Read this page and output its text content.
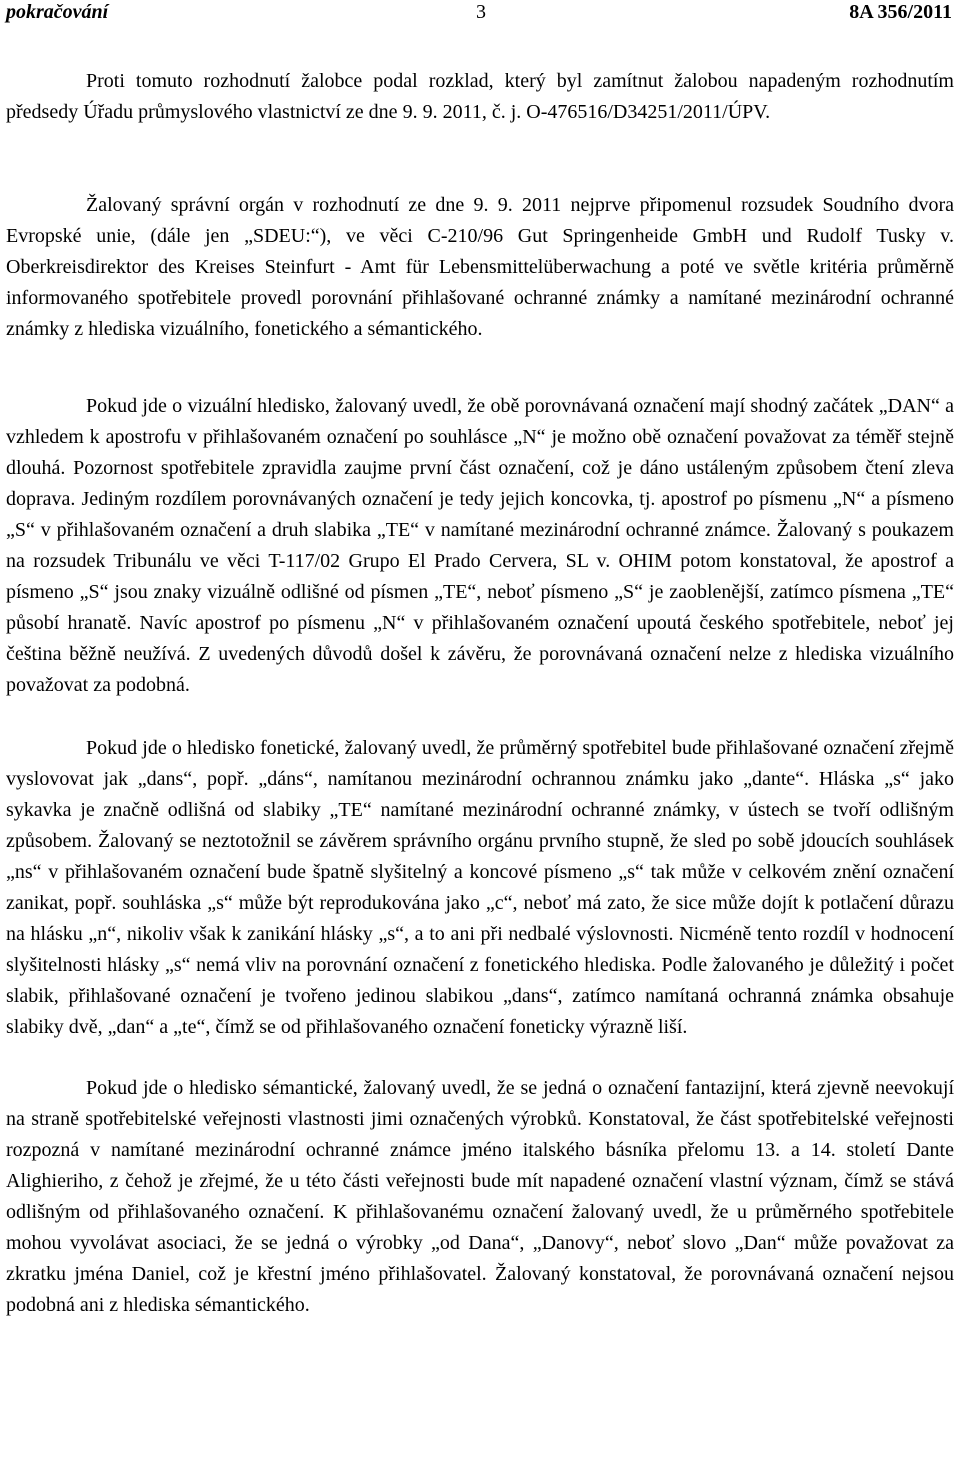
pokračování	3	8A 356/2011

Proti tomuto rozhodnutí žalobce podal rozklad, který byl zamítnut žalobou napadeným rozhodnutím předsedy Úřadu průmyslového vlastnictví ze dne 9. 9. 2011, č. j. O-476516/D34251/2011/ÚPV.

Žalovaný správní orgán v rozhodnutí ze dne 9. 9. 2011 nejprve připomenul rozsudek Soudního dvora Evropské unie, (dále jen „SDEU:“), ve věci C-210/96 Gut Springenheide GmbH und Rudolf Tusky v. Oberkreisdirektor des Kreises Steinfurt - Amt für Lebensmittelüberwachung a poté ve světle kritéria průměrně informovaného spotřebitele provedl porovnání přihlašované ochranné známky a namítané mezinárodní ochranné známky z hlediska vizuálního, fonetického a sémantického.

Pokud jde o vizuální hledisko, žalovaný uvedl, že obě porovnávaná označení mají shodný začátek „DAN“ a vzhledem k apostrofu v přihlašovaném označení po souhlásce „N“ je možno obě označení považovat za téměř stejně dlouhá. Pozornost spotřebitele zpravidla zaujme první část označení, což je dáno ustáleným způsobem čtení zleva doprava. Jediným rozdílem porovnávaných označení je tedy jejich koncovka, tj. apostrof po písmenu „N“ a písmeno „S“ v přihlašovaném označení a druh slabika „TE“ v namítané mezinárodní ochranné známce. Žalovaný s poukazem na rozsudek Tribunálu ve věci T-117/02 Grupo El Prado Cervera, SL v. OHIM potom konstatoval, že apostrof a písmeno „S“ jsou znaky vizuálně odlišné od písmen „TE“, neboť písmeno „S“ je zaoblenější, zatímco písmena „TE“ působí hranatě. Navíc apostrof po písmenu „N“ v přihlašovaném označení upoutá českého spotřebitele, neboť jej čeština běžně neužívá. Z uvedených důvodů došel k závěru, že porovnávaná označení nelze z hlediska vizuálního považovat za podobná.

Pokud jde o hledisko fonetické, žalovaný uvedl, že průměrný spotřebitel bude přihlašované označení zřejmě vyslovovat jak „dans“, popř. „dáns“, namítanou mezinárodní ochrannou známku jako „dante“. Hláska „s“ jako sykavka je značně odlišná od slabiky „TE“ namítané mezinárodní ochranné známky, v ústech se tvoří odlišným způsobem. Žalovaný se neztotožnil se závěrem správního orgánu prvního stupně, že sled po sobě jdoucích souhlásek „ns“ v přihlašovaném označení bude špatně slyšitelný a koncové písmeno „s“ tak může v celkovém znění označení zanikat, popř. souhláska „s“ může být reprodukována jako „c“, neboť má zato, že sice může dojít k potlačení důrazu na hlásku „n“, nikoliv však k zanikání hlásky „s“, a to ani při nedbalé výslovnosti. Nicméně tento rozdíl v hodnocení slyšitelnosti hlásky „s“ nemá vliv na porovnání označení z fonetického hlediska. Podle žalovaného je důležitý i počet slabik, přihlašované označení je tvořeno jedinou slabikou „dans“, zatímco namítaná ochranná známka obsahuje slabiky dvě, „dan“ a „te“, čímž se od přihlašovaného označení foneticky výrazně liší.

Pokud jde o hledisko sémantické, žalovaný uvedl, že se jedná o označení fantazijní, která zjevně neevokují na straně spotřebitelské veřejnosti vlastnosti jimi označených výrobků. Konstatoval, že část spotřebitelské veřejnosti rozpozná v namítané mezinárodní ochranné známce jméno italského básníka přelomu 13. a 14. století Dante Alighieriho, z čehož je zřejmé, že u této části veřejnosti bude mít napadené označení vlastní význam, čímž se stává odlišným od přihlašovaného označení. K přihlašovanému označení žalovaný uvedl, že u průměrného spotřebitele mohou vyvolávat asociaci, že se jedná o výrobky „od Dana“, „Danovy“, neboť slovo „Dan“ může považovat za zkratku jména Daniel, což je křestní jméno přihlašovatel. Žalovaný konstatoval, že porovnávaná označení nejsou podobná ani z hlediska sémantického.
